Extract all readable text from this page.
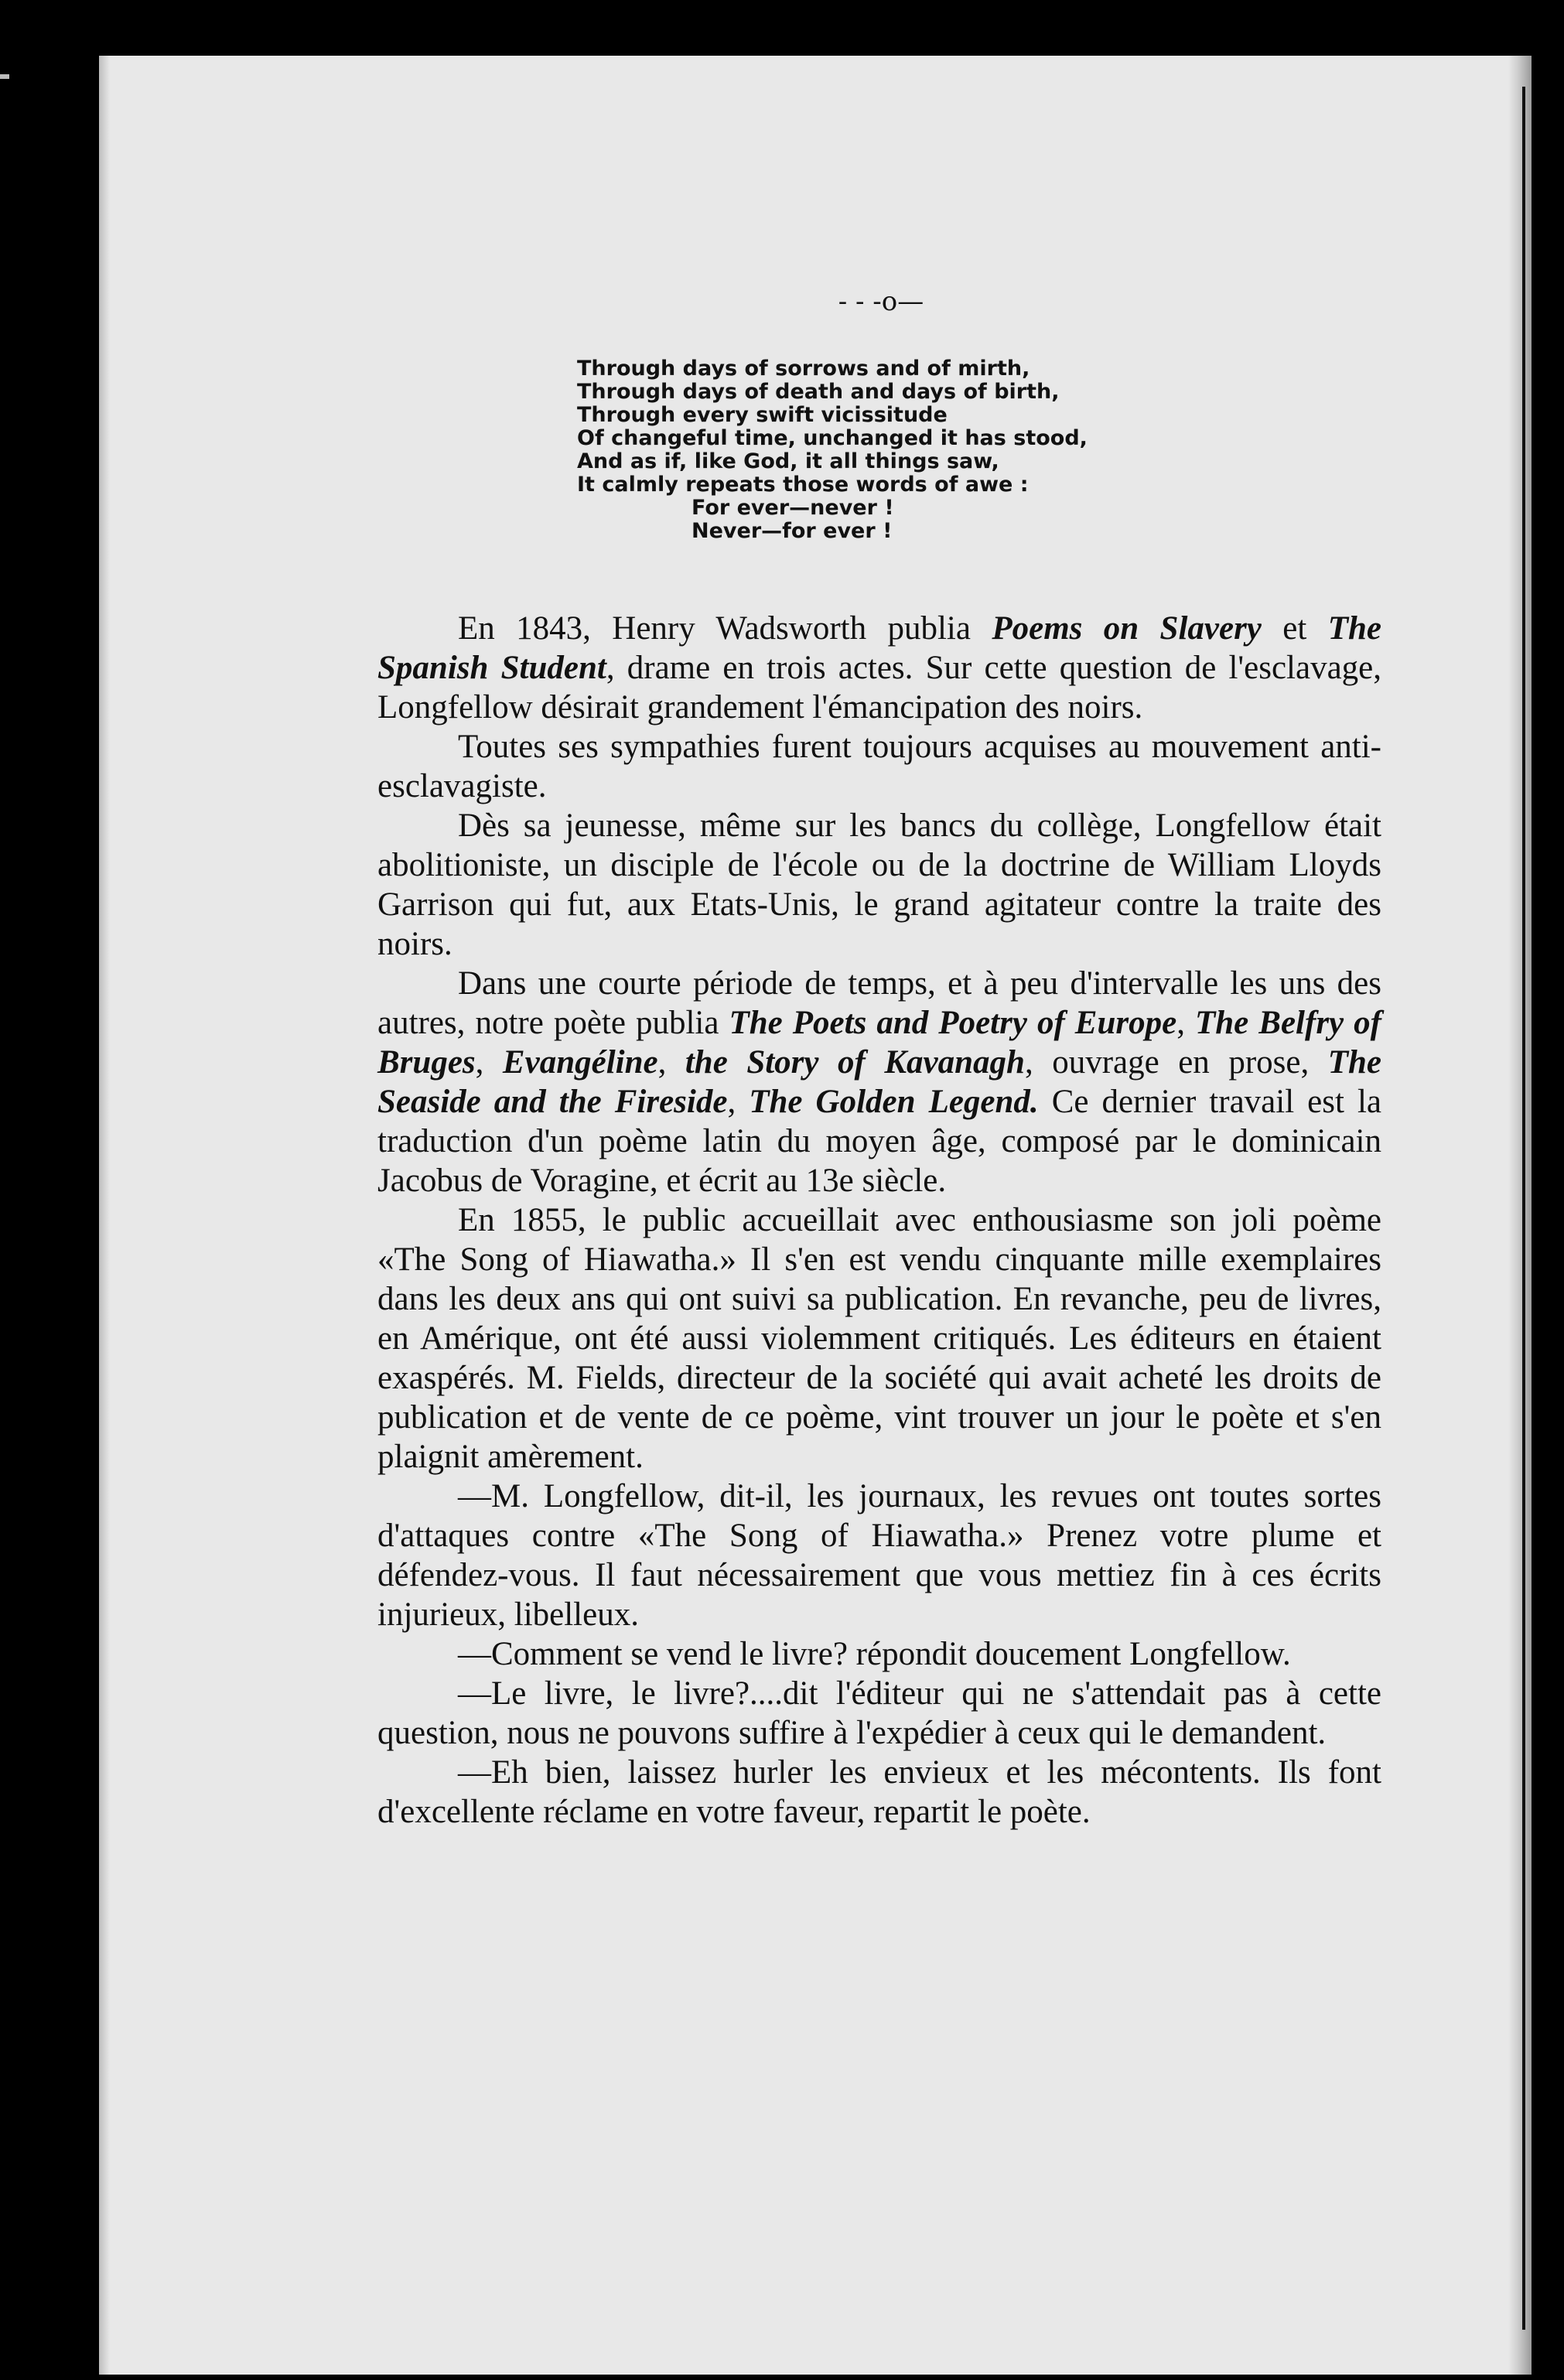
- - -o—
Through days of sorrows and of mirth,
Through days of death and days of birth,
Through every swift vicissitude
Of changeful time, unchanged it has stood,
And as if, like God, it all things saw,
It calmly repeats those words of awe :
For ever—never !
Never—for ever !

En 1843, Henry Wadsworth publia Poems on Slavery et The Spanish Student, drame en trois actes. Sur cette question de l'esclavage, Longfellow désirait grandement l'émancipation des noirs.

Toutes ses sympathies furent toujours acquises au mouvement anti-esclavagiste.

Dès sa jeunesse, même sur les bancs du collège, Longfellow était abolitioniste, un disciple de l'école ou de la doctrine de William Lloyds Garrison qui fut, aux Etats-Unis, le grand agitateur contre la traite des noirs.

Dans une courte période de temps, et à peu d'intervalle les uns des autres, notre poète publia The Poets and Poetry of Europe, The Belfry of Bruges, Evangéline, the Story of Kavanagh, ouvrage en prose, The Seaside and the Fireside, The Golden Legend. Ce dernier travail est la traduction d'un poème latin du moyen âge, composé par le dominicain Jacobus de Voragine, et écrit au 13e siècle.

En 1855, le public accueillait avec enthousiasme son joli poème «The Song of Hiawatha.» Il s'en est vendu cinquante mille exemplaires dans les deux ans qui ont suivi sa publication. En revanche, peu de livres, en Amérique, ont été aussi violemment critiqués. Les éditeurs en étaient exaspérés. M. Fields, directeur de la société qui avait acheté les droits de publication et de vente de ce poème, vint trouver un jour le poète et s'en plaignit amèrement.

—M. Longfellow, dit-il, les journaux, les revues ont toutes sortes d'attaques contre «The Song of Hiawatha.» Prenez votre plume et défendez-vous. Il faut nécessairement que vous mettiez fin à ces écrits injurieux, libelleux.

—Comment se vend le livre? répondit doucement Longfellow.

—Le livre, le livre?....dit l'éditeur qui ne s'attendait pas à cette question, nous ne pouvons suffire à l'expédier à ceux qui le demandent.

—Eh bien, laissez hurler les envieux et les mécontents. Ils font d'excellente réclame en votre faveur, repartit le poète.
